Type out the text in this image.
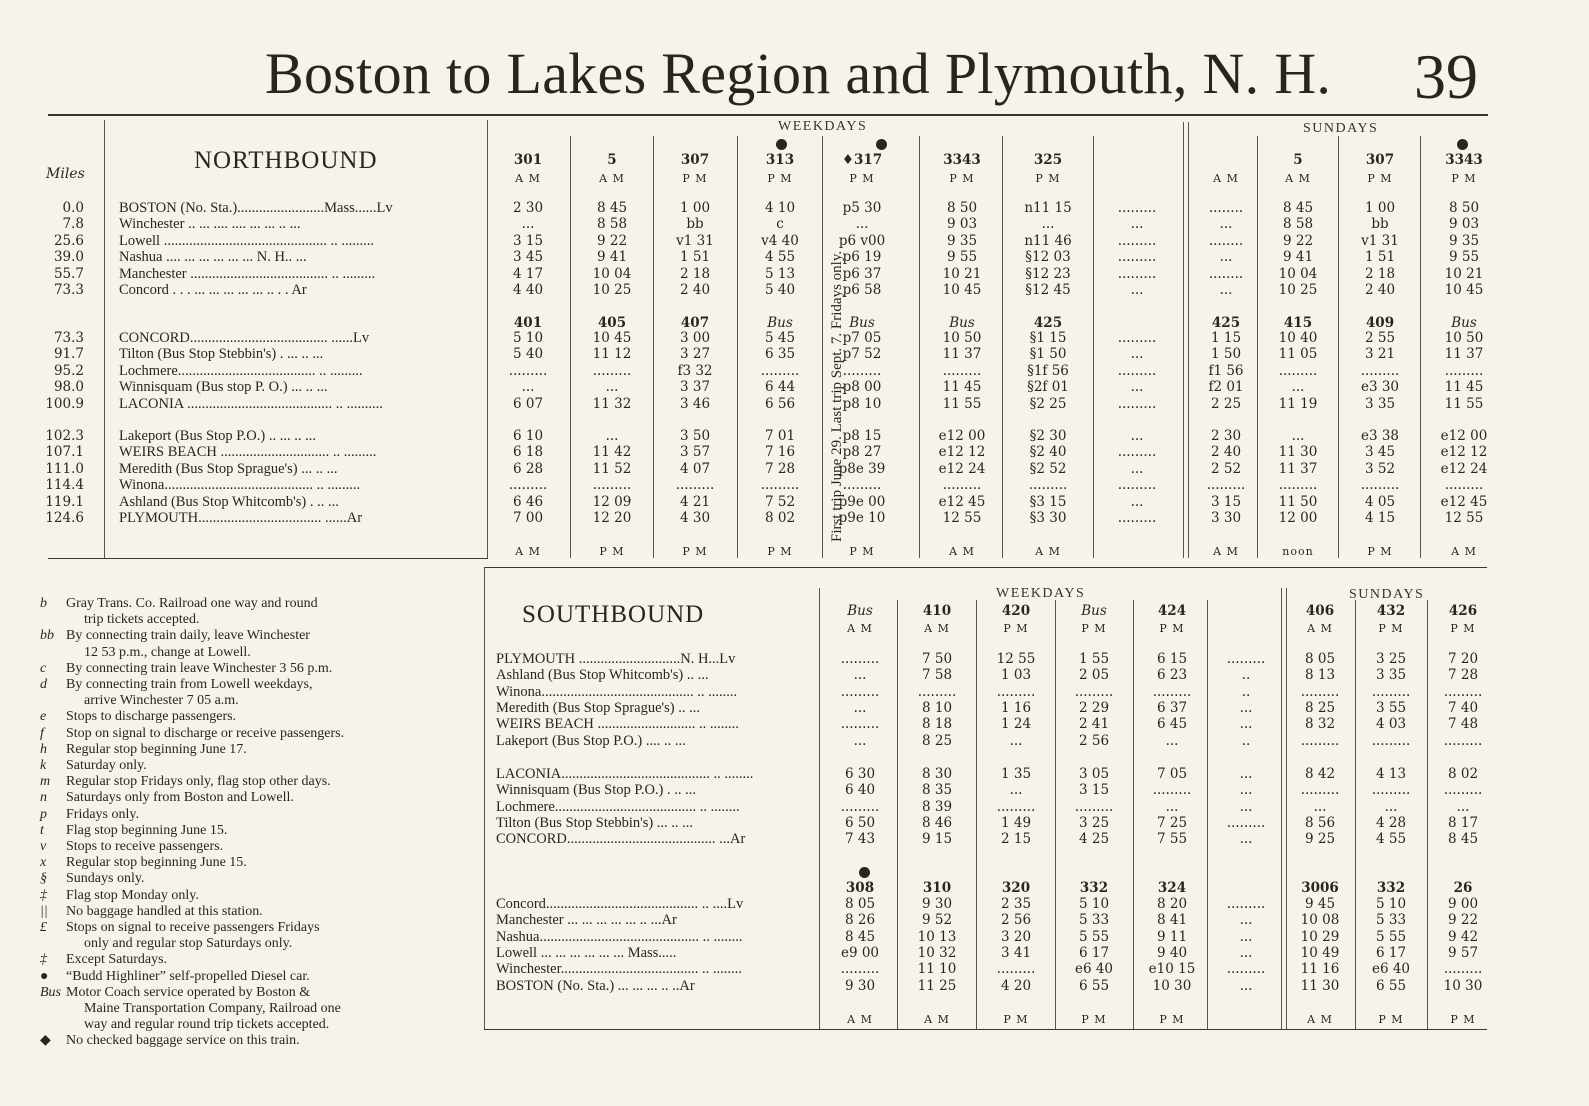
Boston to Lakes Region and Plymouth, N. H. 39
Miles	NORTHBOUND
WEEKDAYS	SUNDAYS
First trip June 29. Last trip Sept. 7. Fridays only.
301	5	307	313	♦317	3343	325	5	307	3343
A M	A M	P M	P M	P M	P M	P M	A M	A M	P M	P M
401	405	407	Bus	Bus	Bus	425	425	415	409	Bus
A M	P M	P M	P M	P M	A M	A M	A M	noon	P M	A M
0.0 BOSTON (No. Sta.)........................Mass......Lv	2 30	8 45	1 00	4 10	p5 30	8 50	n11 15	.........	........	8 45	1 00	8 50
7.8 Winchester .. ... .... .... ... ... .. ...	...	8 58	bb	c	...	9 03	...	...	...	8 58	bb	9 03
25.6 Lowell ............................................. .. .........	3 15	9 22	v1 31	v4 40	p6 v00	9 35	n11 46	.........	........	9 22	v1 31	9 35
39.0 Nashua .... ... ... ... ... ... N. H.. ...	3 45	9 41	1 51	4 55	p6 19	9 55	§12 03	.........	...	9 41	1 51	9 55
55.7 Manchester ...................................... .. .........	4 17	10 04	2 18	5 13	p6 37	10 21	§12 23	.........	........	10 04	2 18	10 21
73.3 Concord . . . ... ... ... ... ... .. . . Ar	4 40	10 25	2 40	5 40	p6 58	10 45	§12 45	...	...	10 25	2 40	10 45
73.3 CONCORD...................................... ......Lv	5 10	10 45	3 00	5 45	p7 05	10 50	§1 15	.........	1 15	10 40	2 55	10 50
91.7 Tilton (Bus Stop Stebbin's) . ... .. ...	5 40	11 12	3 27	6 35	p7 52	11 37	§1 50	...	1 50	11 05	3 21	11 37
95.2 Lochmere...................................... .. .........	.........	.........	f3 32	.........	.........	.........	§1f 56	.........	f1 56	.........	.........	.........
98.0 Winnisquam (Bus stop P. O.) ... .. ...	...	...	3 37	6 44	p8 00	11 45	§2f 01	...	f2 01	...	e3 30	11 45
100.9 LACONIA ........................................ .. ..........	6 07	11 32	3 46	6 56	p8 10	11 55	§2 25	.........	2 25	11 19	3 35	11 55
102.3 Lakeport (Bus Stop P.O.) .. ... .. ...	6 10	...	3 50	7 01	p8 15	e12 00	§2 30	...	2 30	...	e3 38	e12 00
107.1 WEIRS BEACH .............................. .. .........	6 18	11 42	3 57	7 16	p8 27	e12 12	§2 40	.........	2 40	11 30	3 45	e12 12
111.0 Meredith (Bus Stop Sprague's) ... .. ...	6 28	11 52	4 07	7 28	p8e 39	e12 24	§2 52	...	2 52	11 37	3 52	e12 24
114.4 Winona......................................... .. .........	.........	.........	.........	.........	.........	.........	.........	.........	.........	.........	.........	.........
119.1 Ashland (Bus Stop Whitcomb's) . .. ...	6 46	12 09	4 21	7 52	p9e 00	e12 45	§3 15	...	3 15	11 50	4 05	e12 45
124.6 PLYMOUTH.................................. ......Ar	7 00	12 20	4 30	8 02	p9e 10	12 55	§3 30	.........	3 30	12 00	4 15	12 55
SOUTHBOUND
WEEKDAYS	SUNDAYS
Bus	410	420	Bus	424	406	432	426
A M	A M	P M	P M	P M	A M	P M	P M
308	310	320	332	324	3006	332	26
A M	A M	P M	P M	P M	A M	P M	P M
PLYMOUTH ............................N. H...Lv	.........	7 50	12 55	1 55	6 15	.........	8 05	3 25	7 20
Ashland (Bus Stop Whitcomb's) .. ...	...	7 58	1 03	2 05	6 23	..	8 13	3 35	7 28
Winona.......................................... .. ........	.........	.........	.........	.........	.........	..	.........	.........	.........
Meredith (Bus Stop Sprague's) .. ...	...	8 10	1 16	2 29	6 37	...	8 25	3 55	7 40
WEIRS BEACH ........................... .. ........	.........	8 18	1 24	2 41	6 45	...	8 32	4 03	7 48
Lakeport (Bus Stop P.O.) .... .. ...	...	8 25	...	2 56	...	..	.........	.........	.........
LACONIA......................................... .. ........	6 30	8 30	1 35	3 05	7 05	...	8 42	4 13	8 02
Winnisquam (Bus Stop P.O.) . .. ...	6 40	8 35	...	3 15	.........	...	.........	.........	.........
Lochmere....................................... .. ........	.........	8 39	.........	.........	...	...	...	...	...
Tilton (Bus Stop Stebbin's) ... .. ...	6 50	8 46	1 49	3 25	7 25	.........	8 56	4 28	8 17
CONCORD......................................... ...Ar	7 43	9 15	2 15	4 25	7 55	...	9 25	4 55	8 45
Concord.......................................... .. ....Lv	8 05	9 30	2 35	5 10	8 20	.........	9 45	5 10	9 00
Manchester ... ... ... ... ... .. ...Ar	8 26	9 52	2 56	5 33	8 41	...	10 08	5 33	9 22
Nashua............................................ .. ........	8 45	10 13	3 20	5 55	9 11	...	10 29	5 55	9 42
Lowell ... ... ... ... ... ... Mass.....	e9 00	10 32	3 41	6 17	9 40	...	10 49	6 17	9 57
Winchester...................................... .. ........	.........	11 10	.........	e6 40	e10 15	.........	11 16	e6 40	.........
BOSTON (No. Sta.) ... ... ... .. ..Ar	9 30	11 25	4 20	6 55	10 30	...	11 30	6 55	10 30
b Gray Trans. Co. Railroad one way and round
trip tickets accepted.
bb By connecting train daily, leave Winchester
12 53 p.m., change at Lowell.
c By connecting train leave Winchester 3 56 p.m.
d By connecting train from Lowell weekdays,
arrive Winchester 7 05 a.m.
e Stops to discharge passengers.
f Stop on signal to discharge or receive passengers.
h Regular stop beginning June 17.
k Saturday only.
m Regular stop Fridays only, flag stop other days.
n Saturdays only from Boston and Lowell.
p Fridays only.
t Flag stop beginning June 15.
v Stops to receive passengers.
x Regular stop beginning June 15.
§ Sundays only.
‡ Flag stop Monday only.
|| No baggage handled at this station.
£ Stops on signal to receive passengers Fridays
only and regular stop Saturdays only.
‡ Except Saturdays.
● “Budd Highliner” self-propelled Diesel car.
Bus Motor Coach service operated by Boston &
Maine Transportation Company, Railroad one
way and regular round trip tickets accepted.
◆ No checked baggage service on this train.
